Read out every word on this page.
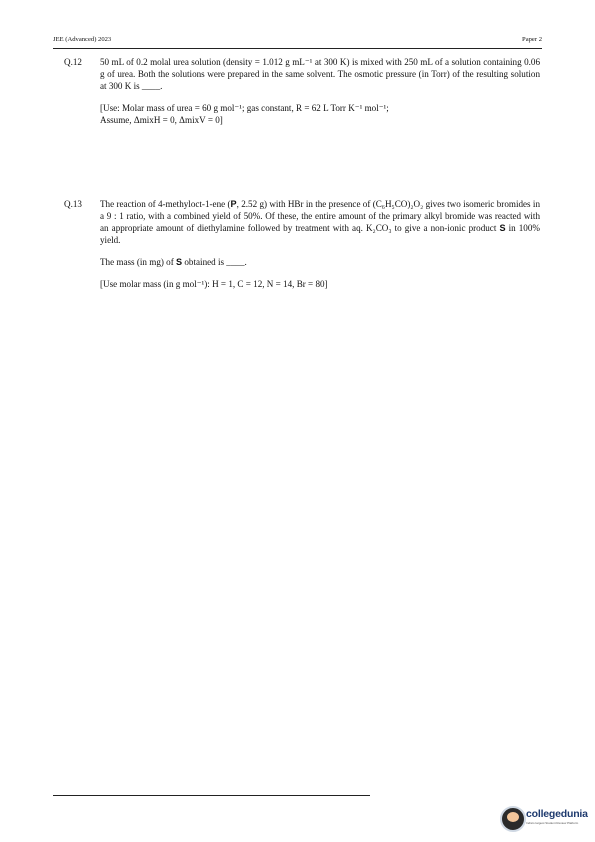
JEE (Advanced) 2023	Paper 2
Q.12 50 mL of 0.2 molal urea solution (density = 1.012 g mL⁻¹ at 300 K) is mixed with 250 mL of a solution containing 0.06 g of urea. Both the solutions were prepared in the same solvent. The osmotic pressure (in Torr) of the resulting solution at 300 K is ____.

[Use: Molar mass of urea = 60 g mol⁻¹; gas constant, R = 62 L Torr K⁻¹ mol⁻¹;

Assume, ΔmixH = 0, ΔmixV = 0]

Q.13 The reaction of 4-methyloct-1-ene (P, 2.52 g) with HBr in the presence of (C₆H₅CO)₂O₂ gives two isomeric bromides in a 9 : 1 ratio, with a combined yield of 50%. Of these, the entire amount of the primary alkyl bromide was reacted with an appropriate amount of diethylamine followed by treatment with aq. K₂CO₃ to give a non-ionic product S in 100% yield.

The mass (in mg) of S obtained is ____.

[Use molar mass (in g mol⁻¹): H = 1, C = 12, N = 14, Br = 80]

collegedunia
India's largest Student Review Platform
